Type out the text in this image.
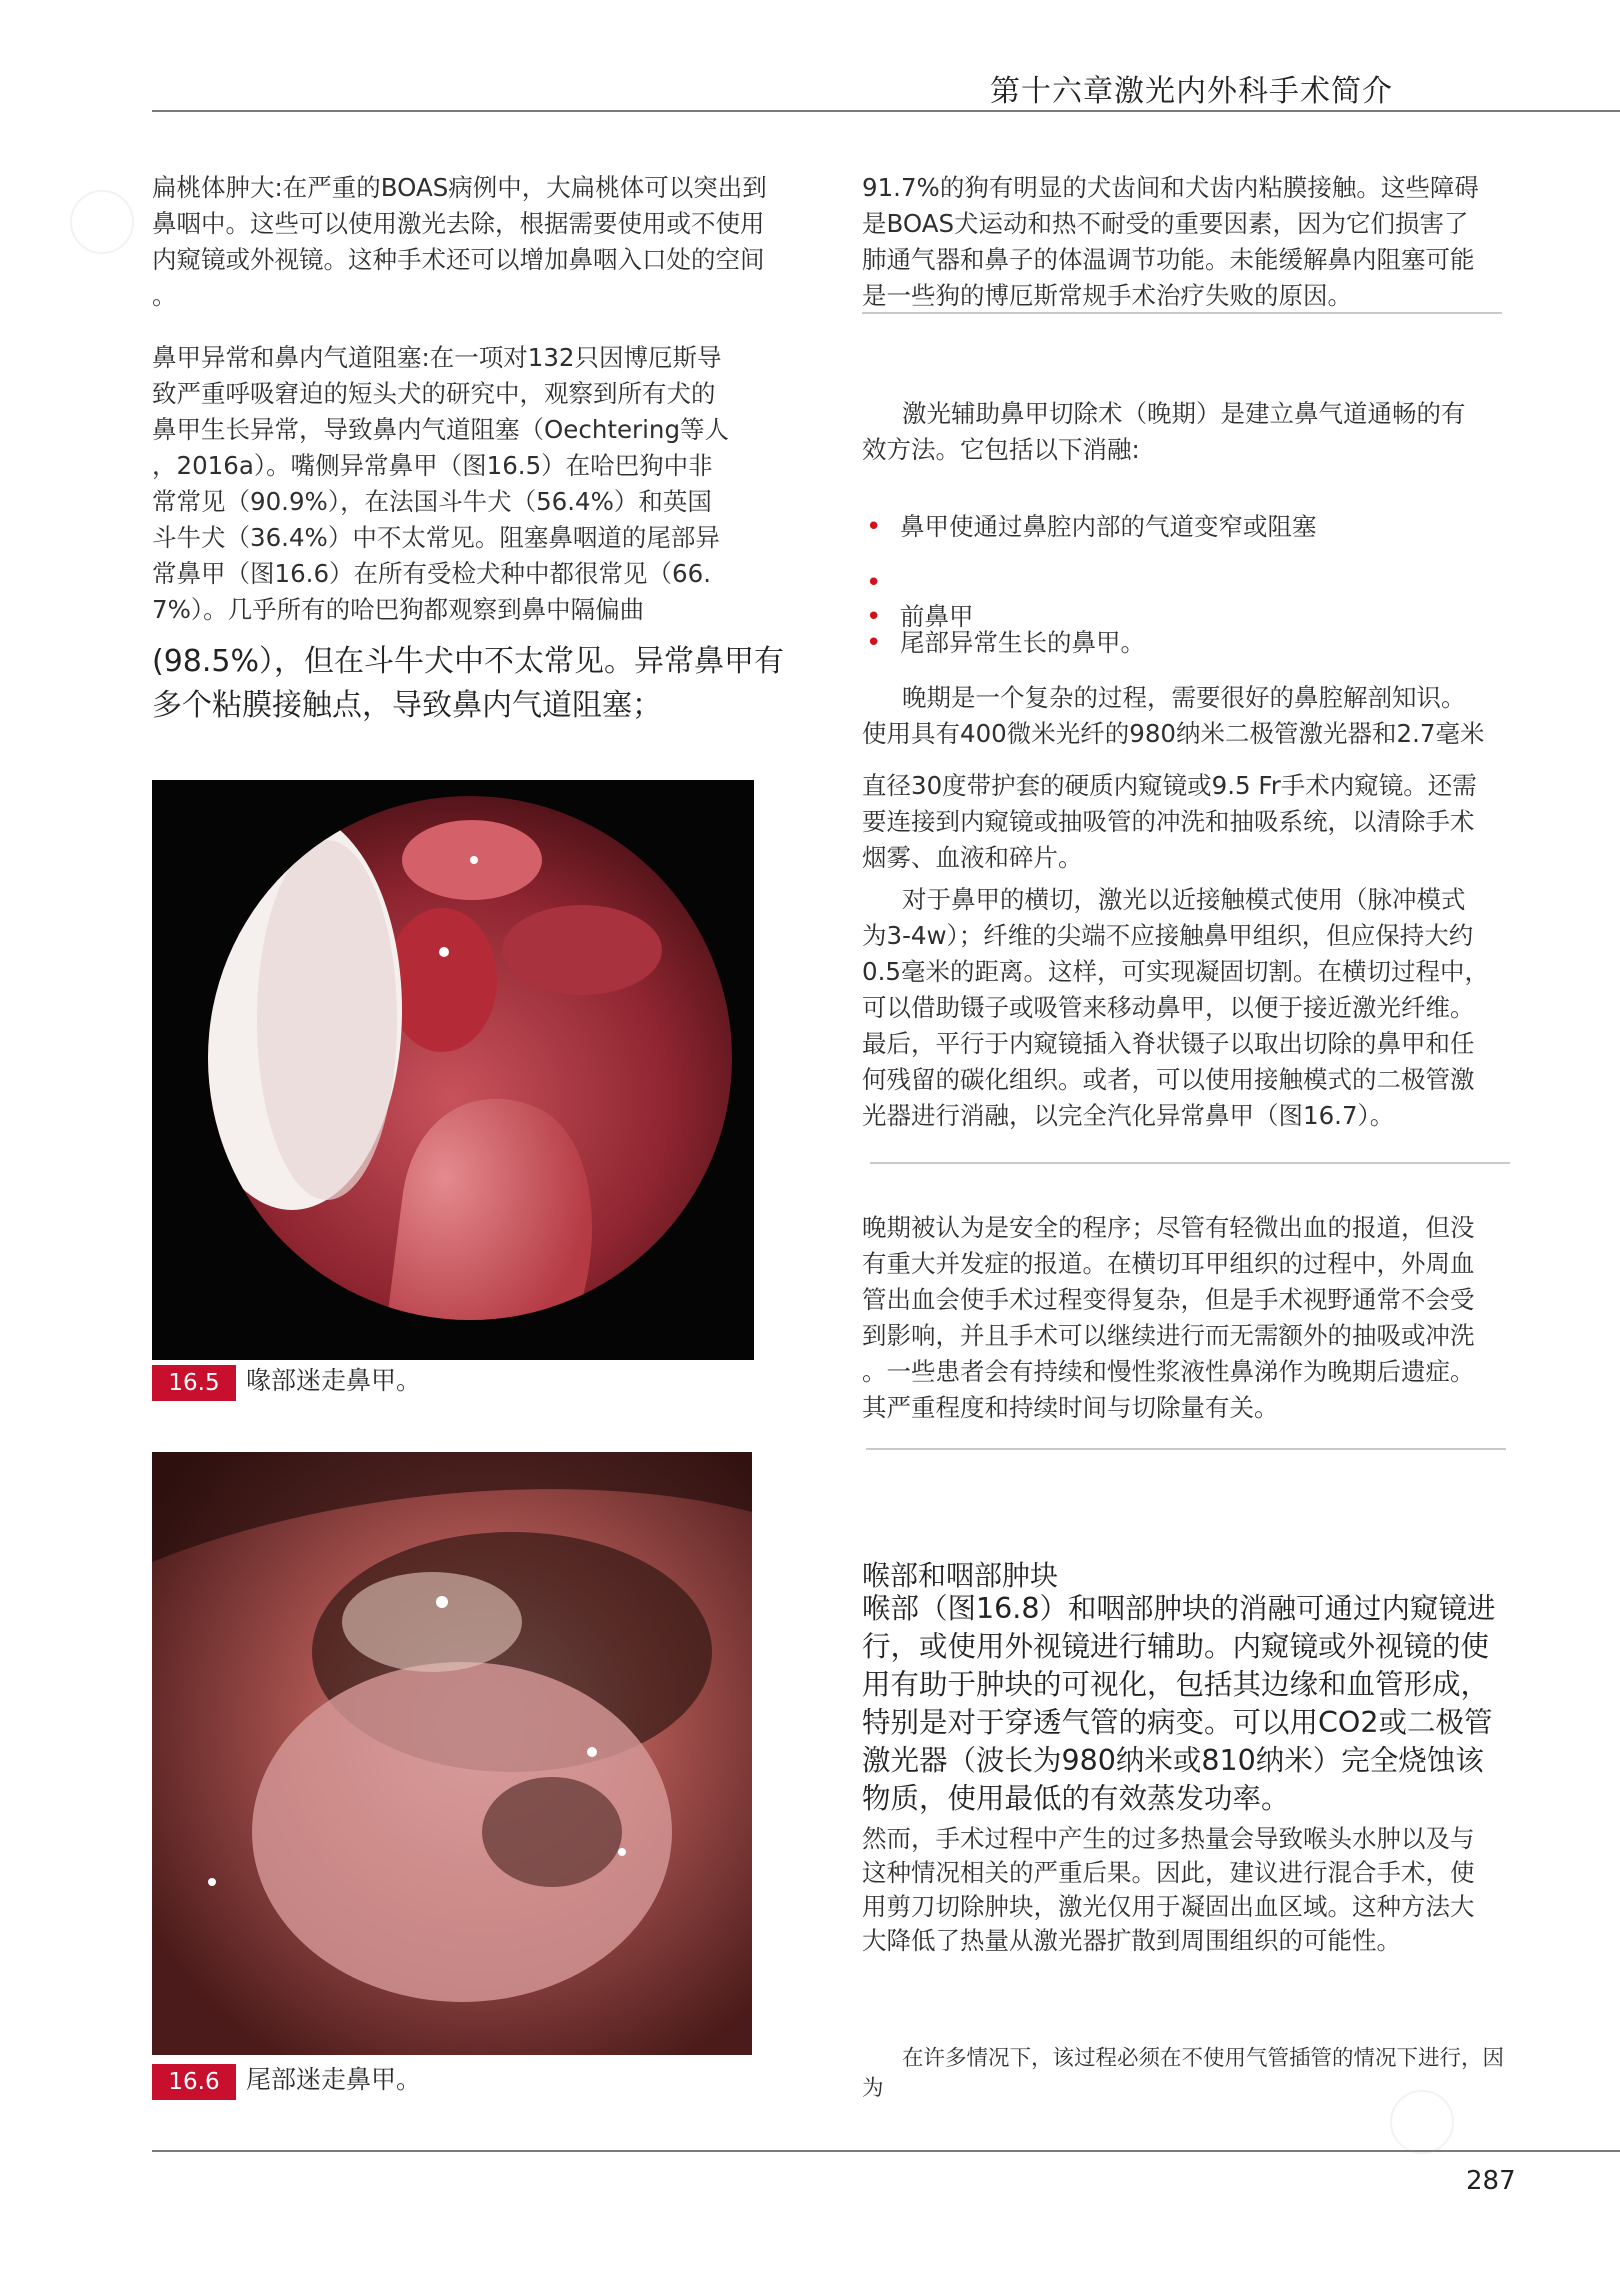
第十六章激光内外科手术简介

扁桃体肿大:在严重的BOAS病例中，大扁桃体可以突出到

鼻咽中。这些可以使用激光去除，根据需要使用或不使用

内窥镜或外视镜。这种手术还可以增加鼻咽入口处的空间

。

鼻甲异常和鼻内气道阻塞:在一项对132只因博厄斯导

致严重呼吸窘迫的短头犬的研究中，观察到所有犬的

鼻甲生长异常，导致鼻内气道阻塞（Oechtering等人

，2016a）。嘴侧异常鼻甲（图16.5）在哈巴狗中非

常常见（90.9%），在法国斗牛犬（56.4%）和英国

斗牛犬（36.4%）中不太常见。阻塞鼻咽道的尾部异

常鼻甲（图16.6）在所有受检犬种中都很常见（66.

7%）。几乎所有的哈巴狗都观察到鼻中隔偏曲

(98.5%），但在斗牛犬中不太常见。异常鼻甲有

多个粘膜接触点，导致鼻内气道阻塞；

16.5	喙部迷走鼻甲。
16.6	尾部迷走鼻甲。

91.7%的狗有明显的犬齿间和犬齿内粘膜接触。这些障碍

是BOAS犬运动和热不耐受的重要因素，因为它们损害了

肺通气器和鼻子的体温调节功能。未能缓解鼻内阻塞可能

是一些狗的博厄斯常规手术治疗失败的原因。

激光辅助鼻甲切除术（晚期）是建立鼻气道通畅的有

效方法。它包括以下消融:

• 鼻甲使通过鼻腔内部的气道变窄或阻塞
•
• 前鼻甲
• 尾部异常生长的鼻甲。

晚期是一个复杂的过程，需要很好的鼻腔解剖知识。

使用具有400微米光纤的980纳米二极管激光器和2.7毫米

直径30度带护套的硬质内窥镜或9.5 Fr手术内窥镜。还需

要连接到内窥镜或抽吸管的冲洗和抽吸系统，以清除手术

烟雾、血液和碎片。

对于鼻甲的横切，激光以近接触模式使用（脉冲模式

为3-4w）；纤维的尖端不应接触鼻甲组织，但应保持大约

0.5毫米的距离。这样，可实现凝固切割。在横切过程中，

可以借助镊子或吸管来移动鼻甲，以便于接近激光纤维。

最后，平行于内窥镜插入脊状镊子以取出切除的鼻甲和任

何残留的碳化组织。或者，可以使用接触模式的二极管激

光器进行消融，以完全汽化异常鼻甲（图16.7）。

晚期被认为是安全的程序；尽管有轻微出血的报道，但没

有重大并发症的报道。在横切耳甲组织的过程中，外周血

管出血会使手术过程变得复杂，但是手术视野通常不会受

到影响，并且手术可以继续进行而无需额外的抽吸或冲洗

。一些患者会有持续和慢性浆液性鼻涕作为晚期后遗症。

其严重程度和持续时间与切除量有关。

喉部和咽部肿块

喉部（图16.8）和咽部肿块的消融可通过内窥镜进

行，或使用外视镜进行辅助。内窥镜或外视镜的使

用有助于肿块的可视化，包括其边缘和血管形成，

特别是对于穿透气管的病变。可以用CO2或二极管

激光器（波长为980纳米或810纳米）完全烧蚀该

物质，使用最低的有效蒸发功率。

然而，手术过程中产生的过多热量会导致喉头水肿以及与

这种情况相关的严重后果。因此，建议进行混合手术，使

用剪刀切除肿块，激光仅用于凝固出血区域。这种方法大

大降低了热量从激光器扩散到周围组织的可能性。

在许多情况下，该过程必须在不使用气管插管的情况下进行，因

为

287
